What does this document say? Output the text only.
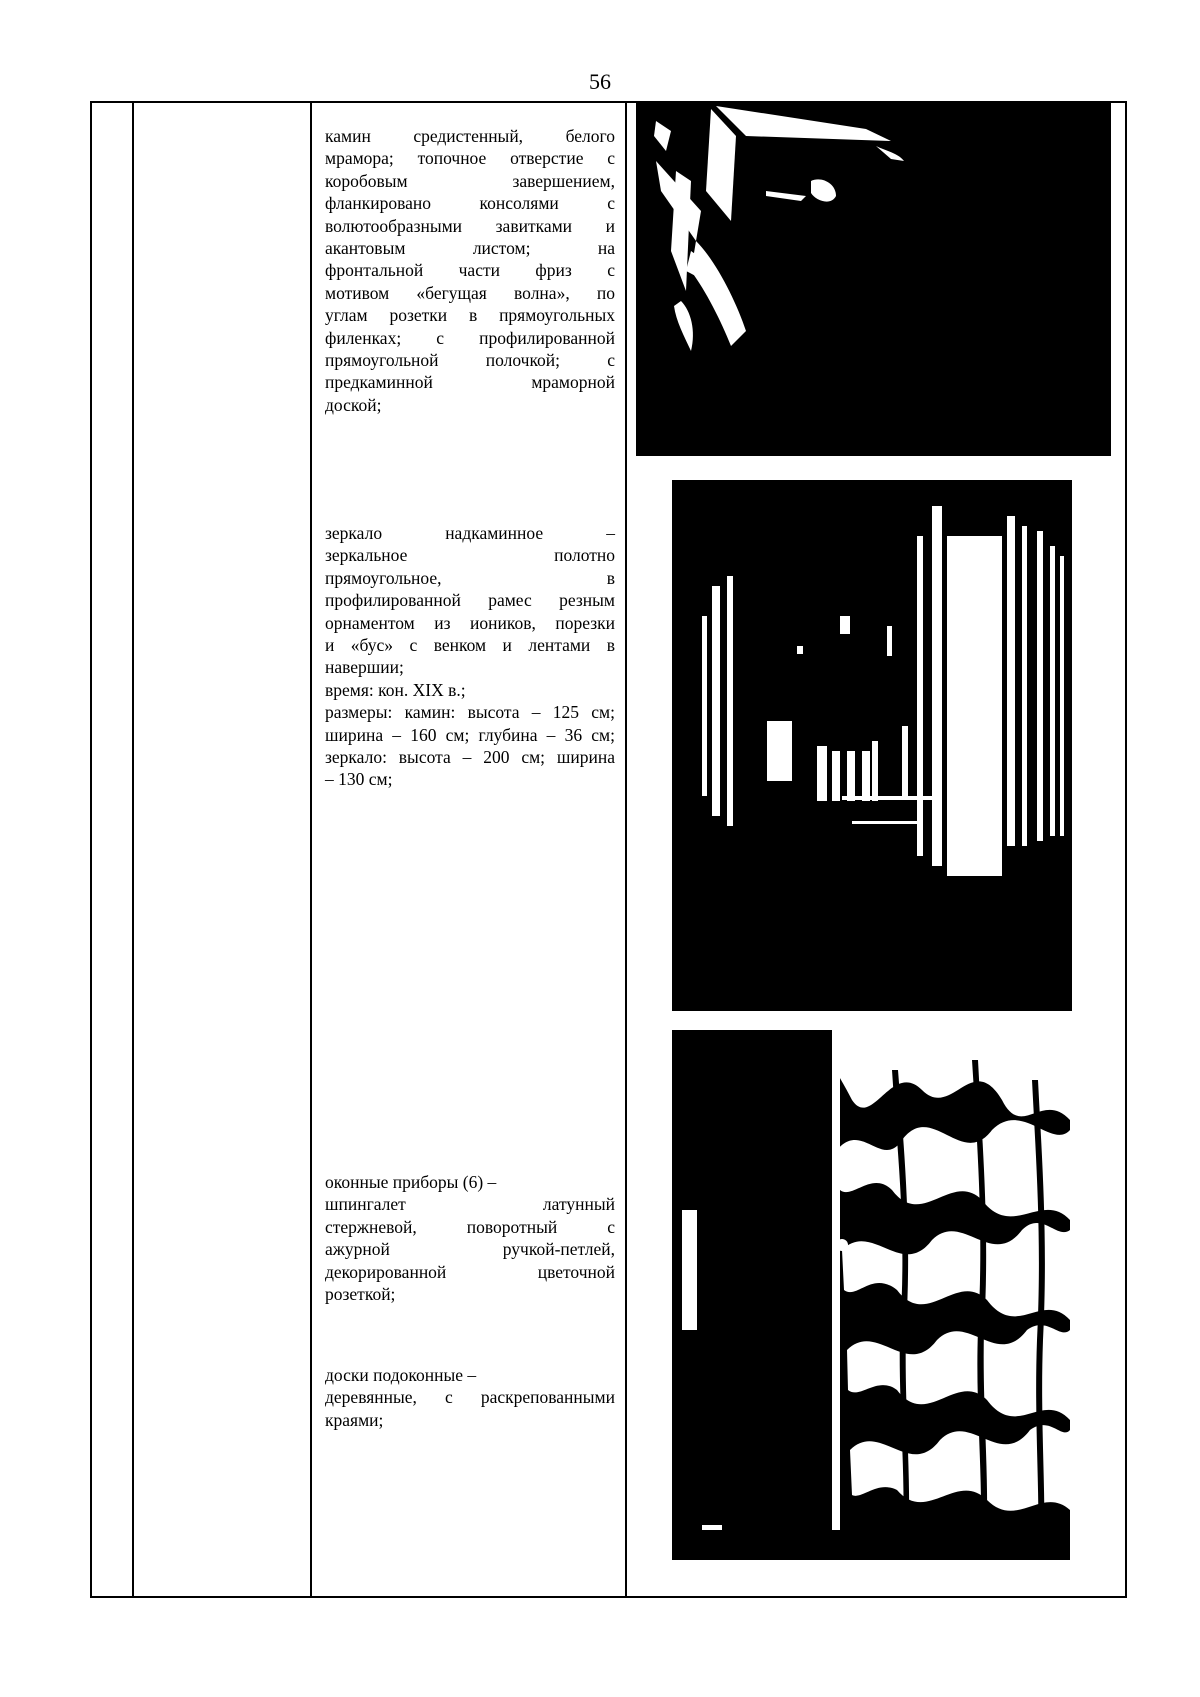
56
камин средистенный, белого
мрамора; топочное отверстие с
коробовым завершением,
фланкировано консолями с
волютообразными завитками и
акантовым листом; на
фронтальной части фриз с
мотивом «бегущая волна», по
углам розетки в прямоугольных
филенках; с профилированной
прямоугольной полочкой; с
предкаминной мраморной
доской;
зеркало надкаминное –
зеркальное полотно
прямоугольное, в
профилированной рамес резным
орнаментом из иоников, порезки
и «бус» с венком и лентами в
навершии;
время: кон. XIX в.;
размеры: камин: высота – 125 см;
ширина – 160 см; глубина – 36 см;
зеркало: высота – 200 см; ширина
– 130 см;
оконные приборы (6) –
шпингалет латунный
стержневой, поворотный с
ажурной ручкой-петлей,
декорированной цветочной
розеткой;
доски подоконные –
деревянные, с раскрепованными
краями;
